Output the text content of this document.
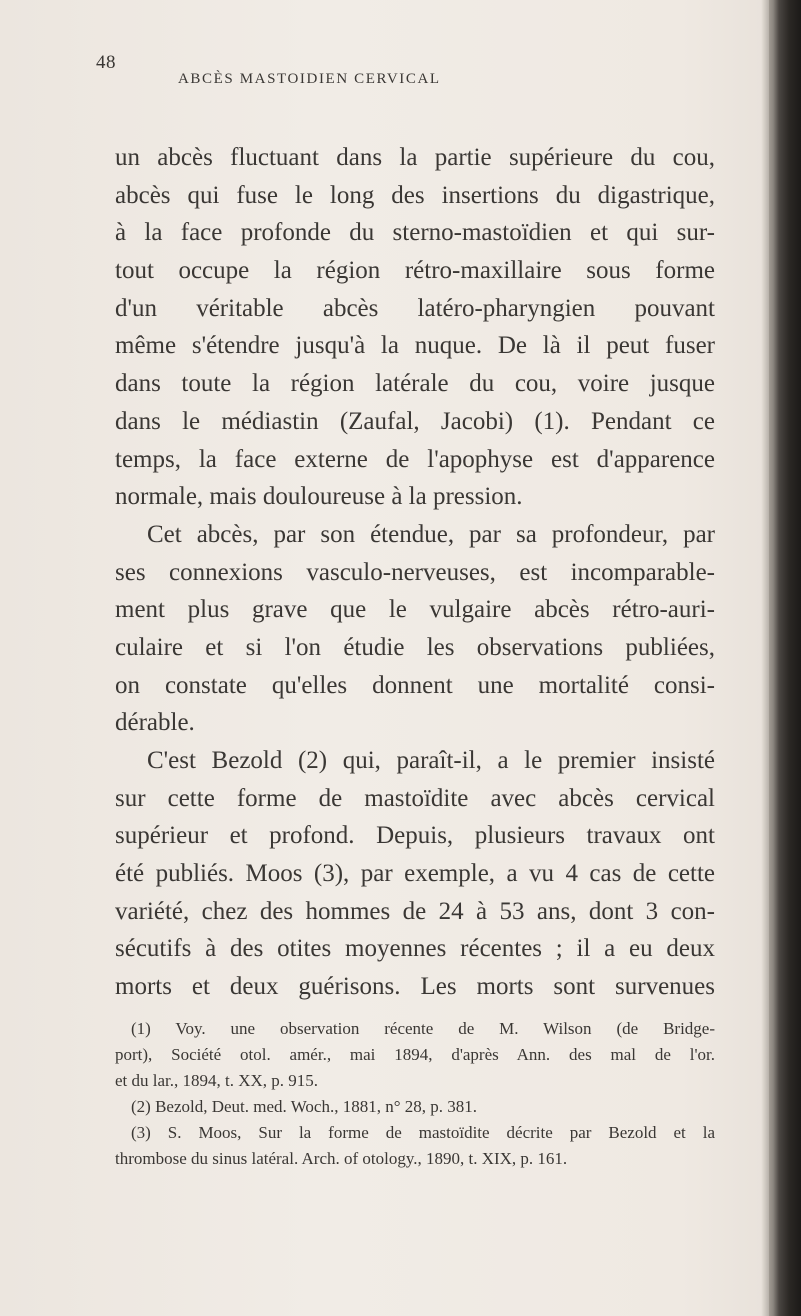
48
ABCÈS MASTOIDIEN CERVICAL
un abcès fluctuant dans la partie supérieure du cou,
abcès qui fuse le long des insertions du digastrique,
à la face profonde du sterno-mastoïdien et qui sur-
tout occupe la région rétro-maxillaire sous forme
d'un véritable abcès latéro-pharyngien pouvant
même s'étendre jusqu'à la nuque. De là il peut fuser
dans toute la région latérale du cou, voire jusque
dans le médiastin (Zaufal, Jacobi) (1). Pendant ce
temps, la face externe de l'apophyse est d'apparence
normale, mais douloureuse à la pression.
Cet abcès, par son étendue, par sa profondeur, par
ses connexions vasculo-nerveuses, est incomparable-
ment plus grave que le vulgaire abcès rétro-auri-
culaire et si l'on étudie les observations publiées,
on constate qu'elles donnent une mortalité consi-
dérable.
C'est Bezold (2) qui, paraît-il, a le premier insisté
sur cette forme de mastoïdite avec abcès cervical
supérieur et profond. Depuis, plusieurs travaux ont
été publiés. Moos (3), par exemple, a vu 4 cas de cette
variété, chez des hommes de 24 à 53 ans, dont 3 con-
sécutifs à des otites moyennes récentes ; il a eu deux
morts et deux guérisons. Les morts sont survenues
(1) Voy. une observation récente de M. Wilson (de Bridge-
port), Société otol. amér., mai 1894, d'après Ann. des mal de l'or.
et du lar., 1894, t. XX, p. 915.
(2) Bezold, Deut. med. Woch., 1881, n° 28, p. 381.
(3) S. Moos, Sur la forme de mastoïdite décrite par Bezold et la
thrombose du sinus latéral. Arch. of otology., 1890, t. XIX, p. 161.
